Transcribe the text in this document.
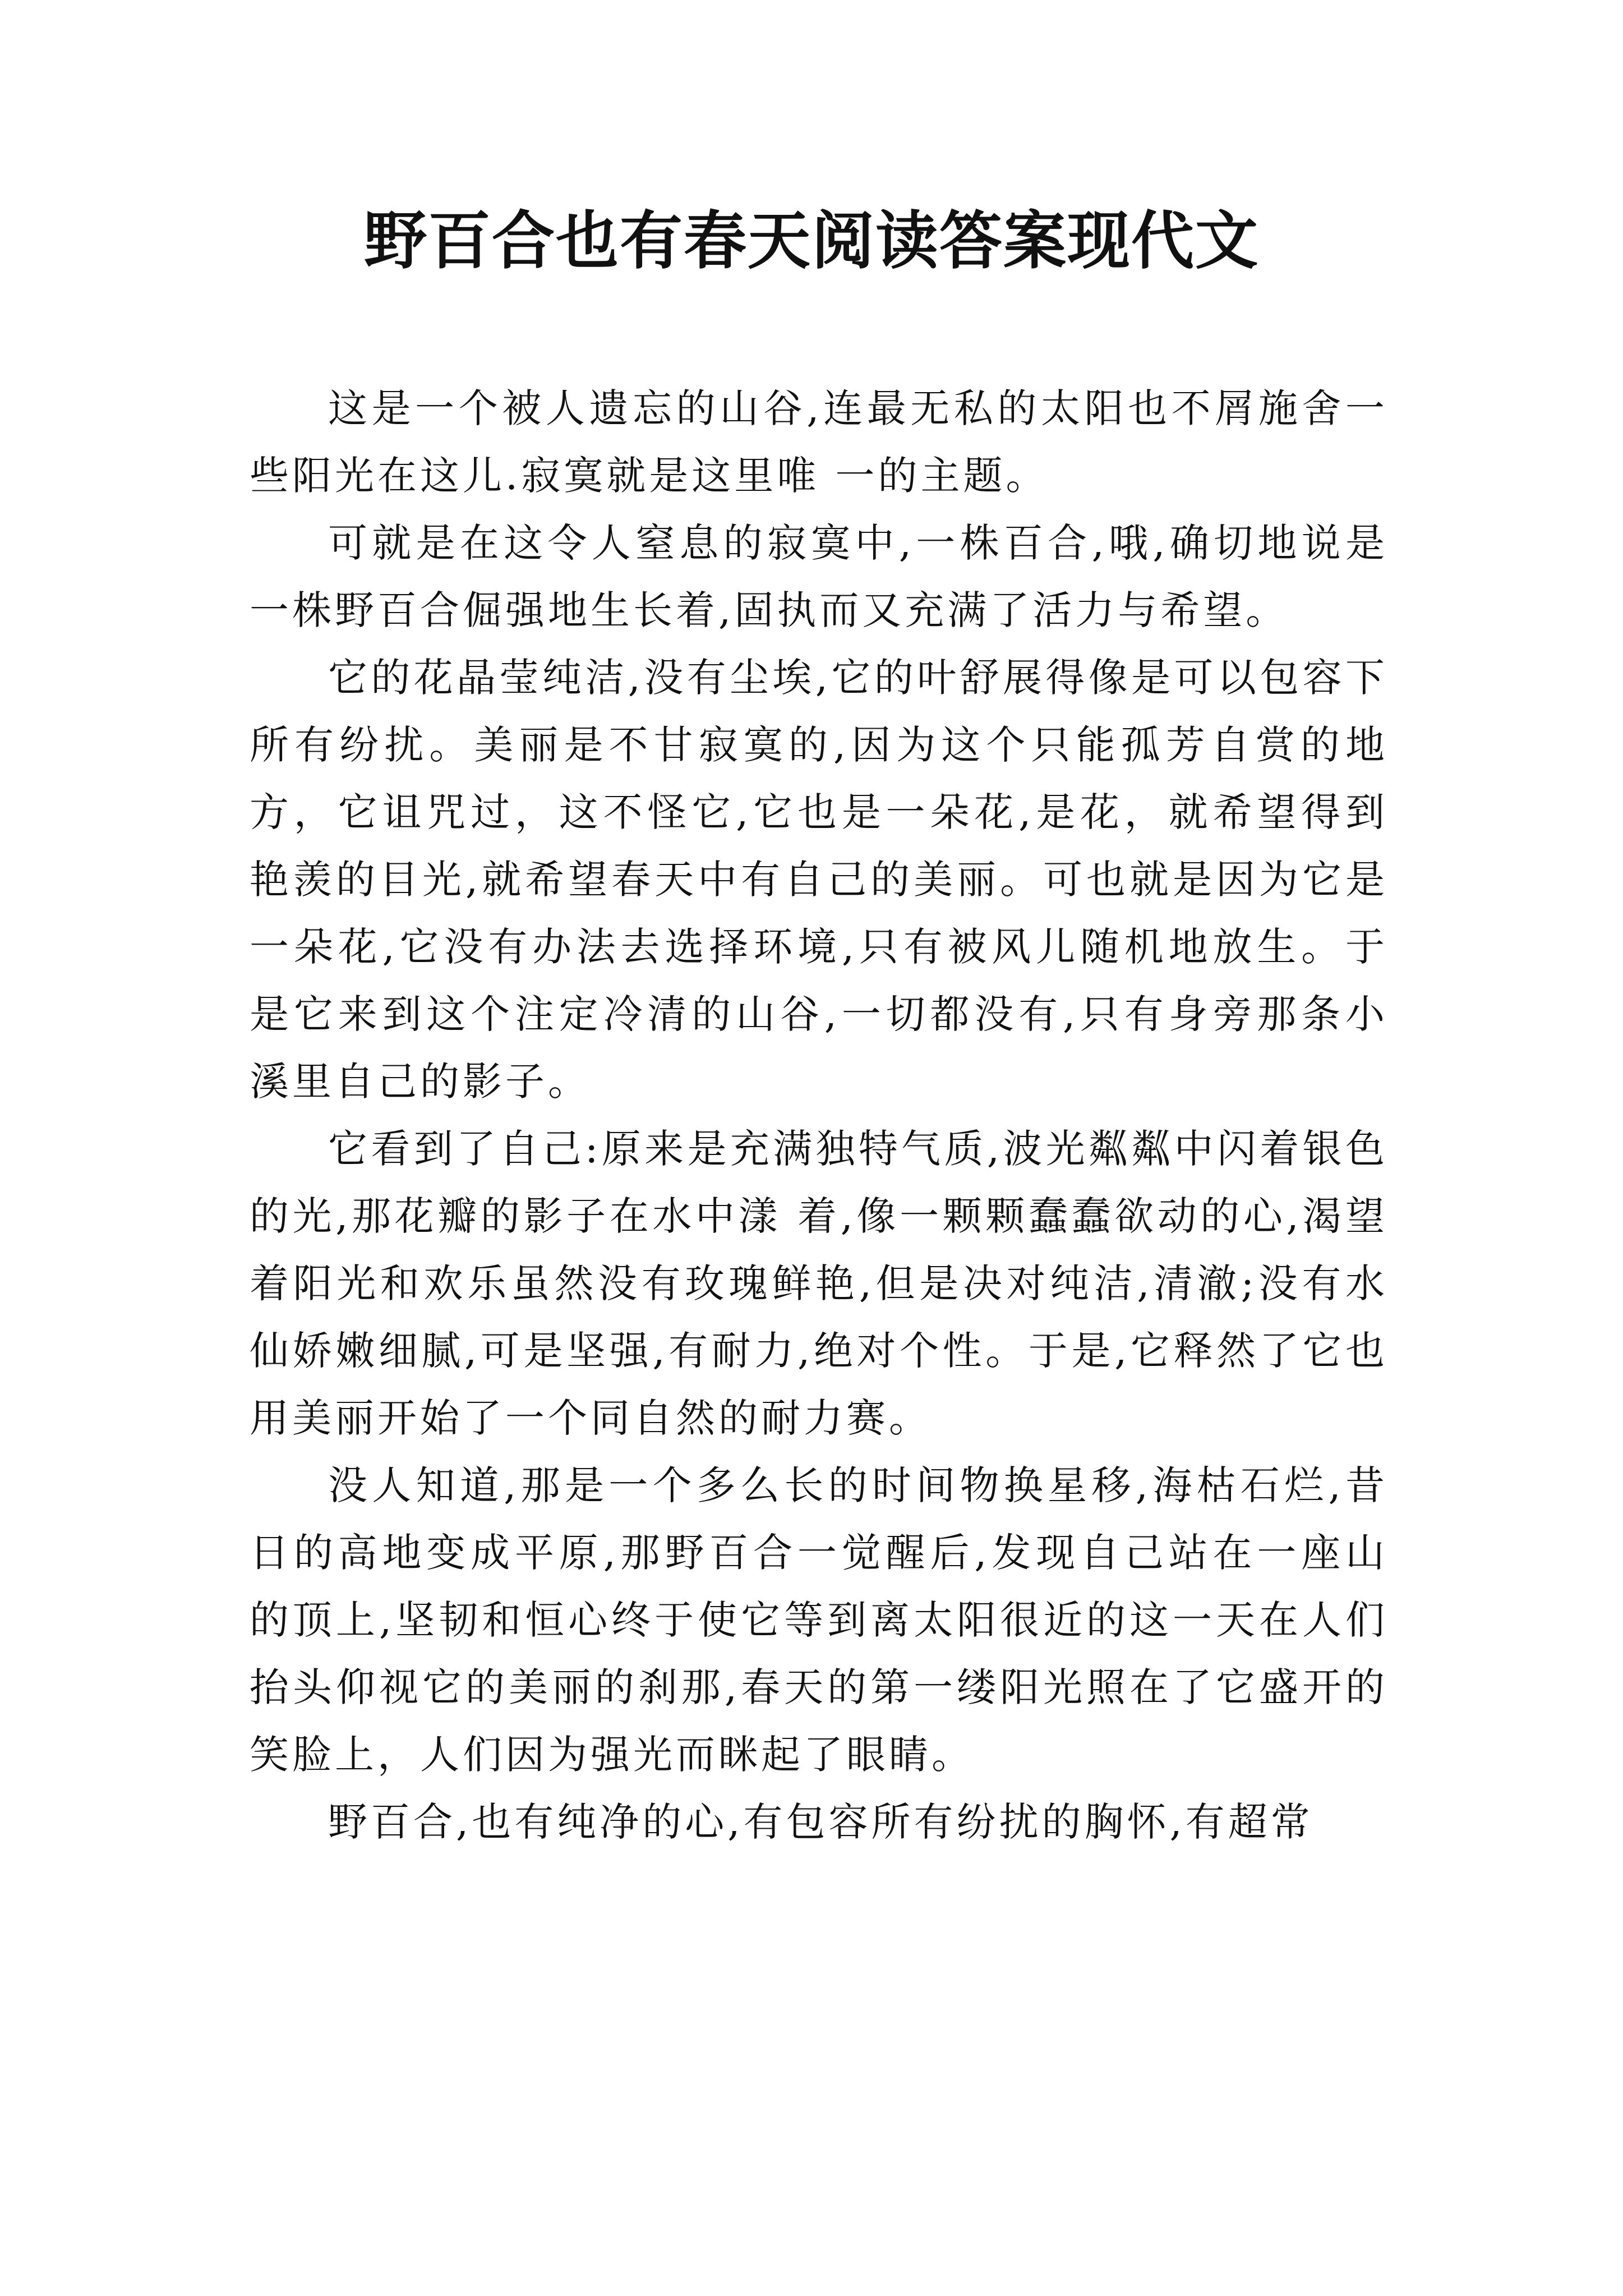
野百合也有春天阅读答案现代文

这是一个被人遗忘的山谷,连最无私的太阳也不屑施舍一些阳光在这儿.寂寞就是这里唯 一的主题。

可就是在这令人窒息的寂寞中,一株百合,哦,确切地说是一株野百合倔强地生长着,固执而又充满了活力与希望。

它的花晶莹纯洁,没有尘埃,它的叶舒展得像是可以包容下所有纷扰。美丽是不甘寂寞的,因为这个只能孤芳自赏的地方，它诅咒过，这不怪它,它也是一朵花,是花，就希望得到艳羡的目光,就希望春天中有自己的美丽。可也就是因为它是一朵花,它没有办法去选择环境,只有被风儿随机地放生。于是它来到这个注定冷清的山谷,一切都没有,只有身旁那条小溪里自己的影子。

它看到了自己:原来是充满独特气质,波光粼粼中闪着银色的光,那花瓣的影子在水中漾 着,像一颗颗蠢蠢欲动的心,渴望着阳光和欢乐虽然没有玫瑰鲜艳,但是决对纯洁,清澈;没有水仙娇嫩细腻,可是坚强,有耐力,绝对个性。于是,它释然了它也用美丽开始了一个同自然的耐力赛。

没人知道,那是一个多么长的时间物换星移,海枯石烂,昔日的高地变成平原,那野百合一觉醒后,发现自己站在一座山的顶上,坚韧和恒心终于使它等到离太阳很近的这一天在人们抬头仰视它的美丽的刹那,春天的第一缕阳光照在了它盛开的笑脸上，人们因为强光而眯起了眼睛。

野百合,也有纯净的心,有包容所有纷扰的胸怀,有超常
